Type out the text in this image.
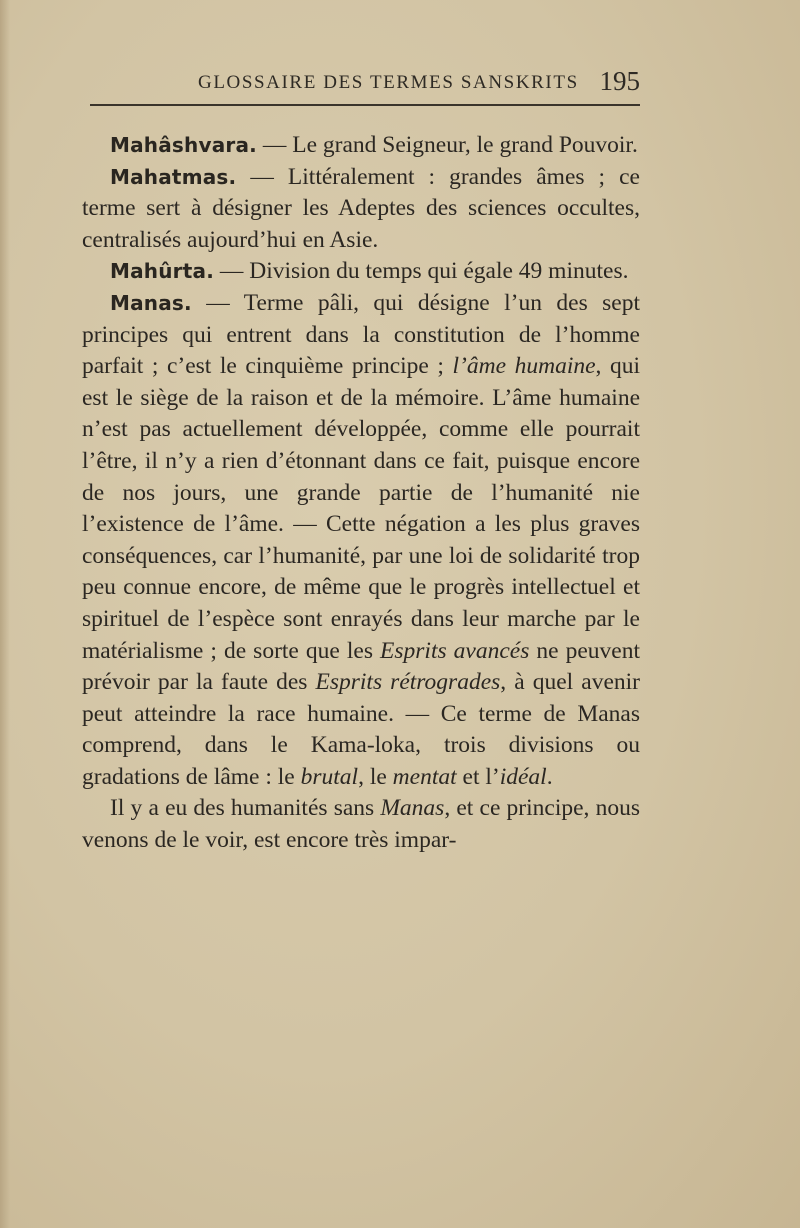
GLOSSAIRE DES TERMES SANSKRITS 195

Mahâshvara. — Le grand Seigneur, le grand Pouvoir.

Mahatmas. — Littéralement : grandes âmes ; ce terme sert à désigner les Adeptes des sciences occultes, centralisés aujourd’hui en Asie.

Mahûrta. — Division du temps qui égale 49 minutes.

Manas. — Terme pâli, qui désigne l’un des sept principes qui entrent dans la constitution de l’homme parfait ; c’est le cinquième principe ; l’âme humaine, qui est le siège de la raison et de la mémoire. L’âme humaine n’est pas actuellement développée, comme elle pourrait l’être, il n’y a rien d’étonnant dans ce fait, puisque encore de nos jours, une grande partie de l’humanité nie l’existence de l’âme. — Cette négation a les plus graves conséquences, car l’humanité, par une loi de solidarité trop peu connue encore, de même que le progrès intellectuel et spirituel de l’espèce sont enrayés dans leur marche par le matérialisme ; de sorte que les Esprits avancés ne peuvent prévoir par la faute des Esprits rétrogrades, à quel avenir peut atteindre la race humaine. — Ce terme de Manas comprend, dans le Kama-loka, trois divisions ou gradations de lâme : le brutal, le mentat et l’idéal.

Il y a eu des humanités sans Manas, et ce principe, nous venons de le voir, est encore très impar-
